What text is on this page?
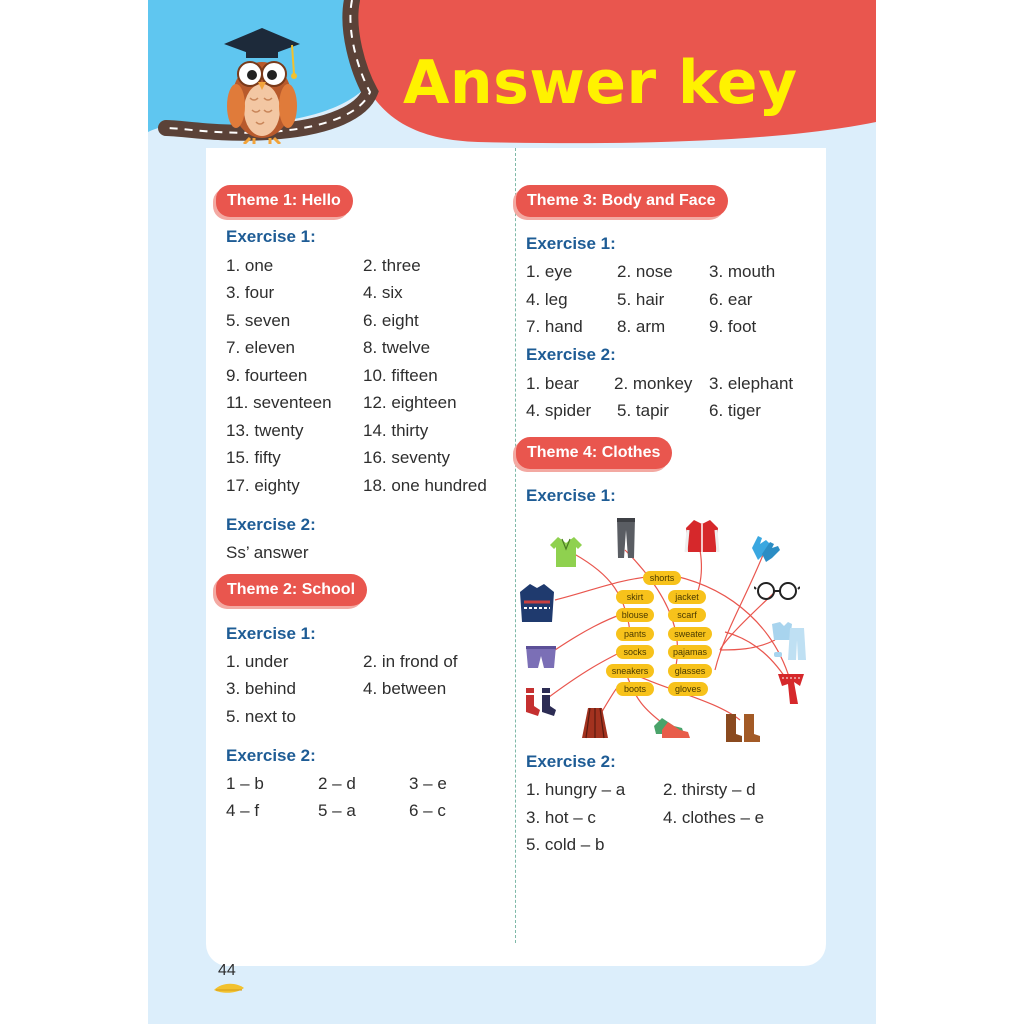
Answer key
Theme 1: Hello
Exercise 1:
1. one	2. three
3. four	4. six
5. seven	6. eight
7. eleven	8. twelve
9. fourteen	10. fifteen
11. seventeen 12. eighteen
13. twenty	14. thirty
15. fifty	16. seventy
17. eighty	18. one hundred
Exercise 2:
Ss’ answer
Theme 2: School
Exercise 1:
1. under	2. in frond of
3. behind	4. between
5. next to
Exercise 2:
1 – b	2 – d	3 – e
4 – f	5 – a	6 – c
Theme 3: Body and Face
Exercise 1:
1. eye	2. nose 3. mouth
4. leg	5. hair	6. ear
7. hand 8. arm	9. foot
Exercise 2:
1. bear 2. monkey 3. elephant
4. spider 5. tapir 6. tiger
Theme 4: Clothes
Exercise 1:
shorts
skirt	jacket
blouse	scarf
pants	sweater
socks	pajamas
sneakers	glasses
boots	gloves
Exercise 2:
1. hungry – a 2. thirsty – d
3. hot – c	4. clothes – e
5. cold – b
44
